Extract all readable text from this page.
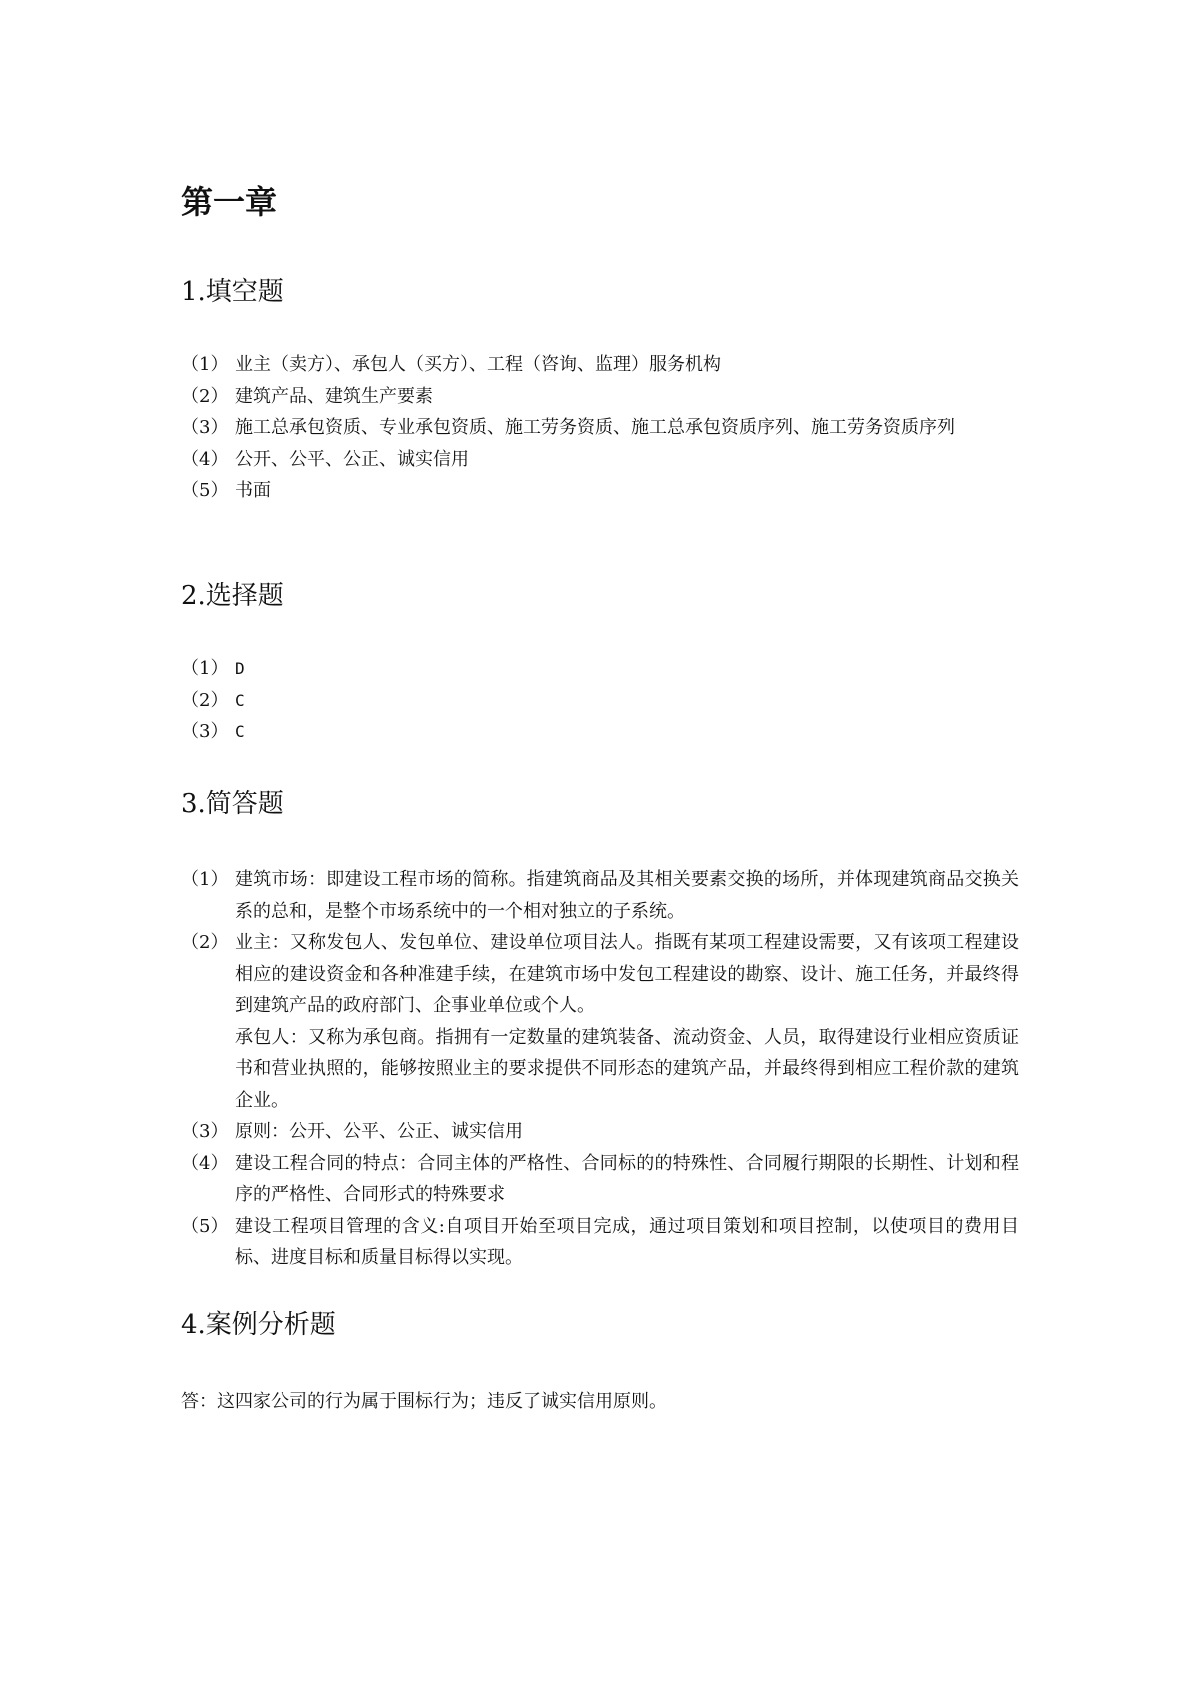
第一章
1.填空题
（1） 业主（卖方）、承包人（买方）、工程（咨询、监理）服务机构
（2） 建筑产品、建筑生产要素
（3） 施工总承包资质、专业承包资质、施工劳务资质、施工总承包资质序列、施工劳务资质序列
（4） 公开、公平、公正、诚实信用
（5） 书面
2.选择题
（1） D
（2） C
（3） C
3.简答题
（1） 建筑市场：即建设工程市场的简称。指建筑商品及其相关要素交换的场所，并体现建筑商品交换关系的总和，是整个市场系统中的一个相对独立的子系统。
（2） 业主：又称发包人、发包单位、建设单位项目法人。指既有某项工程建设需要，又有该项工程建设相应的建设资金和各种准建手续，在建筑市场中发包工程建设的勘察、设计、施工任务，并最终得到建筑产品的政府部门、企事业单位或个人。
承包人：又称为承包商。指拥有一定数量的建筑装备、流动资金、人员，取得建设行业相应资质证书和营业执照的，能够按照业主的要求提供不同形态的建筑产品，并最终得到相应工程价款的建筑企业。
（3） 原则：公开、公平、公正、诚实信用
（4） 建设工程合同的特点：合同主体的严格性、合同标的的特殊性、合同履行期限的长期性、计划和程序的严格性、合同形式的特殊要求
（5） 建设工程项目管理的含义:自项目开始至项目完成，通过项目策划和项目控制，以使项目的费用目标、进度目标和质量目标得以实现。
4.案例分析题

答：这四家公司的行为属于围标行为；违反了诚实信用原则。
